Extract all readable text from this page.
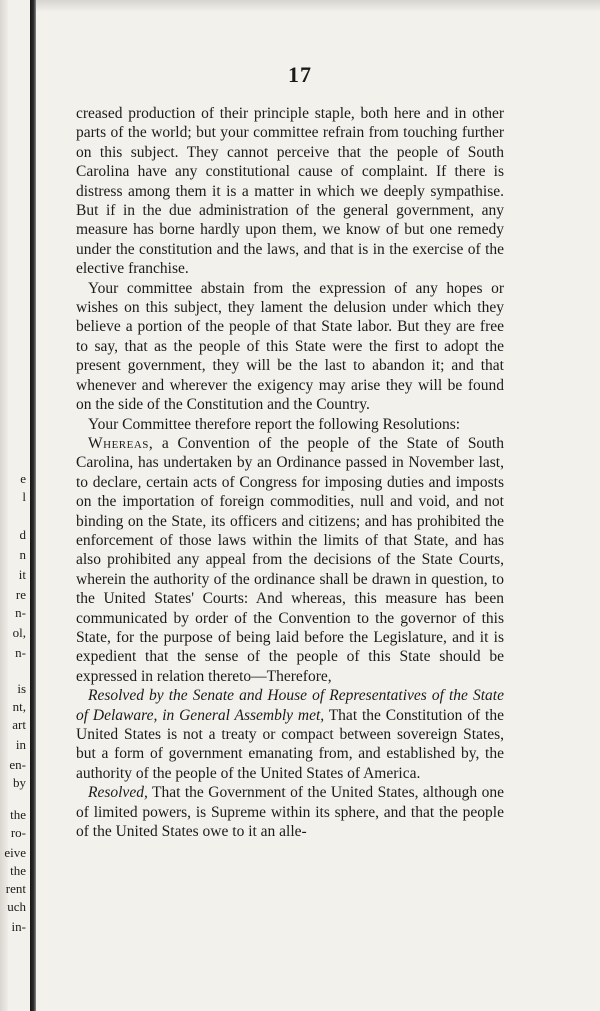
e
l
d
n
it
re
n-
ol,
n-
is
nt,
art
in
en-
by
the
ro-
eive
the
rent
uch
in-
17

creased production of their principle staple, both here and in other parts of the world; but your committee refrain from touching further on this subject. They cannot perceive that the people of South Carolina have any constitutional cause of complaint. If there is distress among them it is a matter in which we deeply sympathise. But if in the due administration of the general government, any measure has borne hardly upon them, we know of but one remedy under the constitution and the laws, and that is in the exercise of the elective franchise.

Your committee abstain from the expression of any hopes or wishes on this subject, they lament the delusion under which they believe a portion of the people of that State labor. But they are free to say, that as the people of this State were the first to adopt the present government, they will be the last to abandon it; and that whenever and wherever the exigency may arise they will be found on the side of the Constitution and the Country.

Your Committee therefore report the following Resolutions:

Whereas, a Convention of the people of the State of South Carolina, has undertaken by an Ordinance passed in November last, to declare, certain acts of Congress for imposing duties and imposts on the importation of foreign commodities, null and void, and not binding on the State, its officers and citizens; and has prohibited the enforcement of those laws within the limits of that State, and has also prohibited any appeal from the decisions of the State Courts, wherein the authority of the ordinance shall be drawn in question, to the United States' Courts: And whereas, this measure has been communicated by order of the Convention to the governor of this State, for the purpose of being laid before the Legislature, and it is expedient that the sense of the people of this State should be expressed in relation thereto—Therefore,

Resolved by the Senate and House of Representatives of the State of Delaware, in General Assembly met, That the Constitution of the United States is not a treaty or compact between sovereign States, but a form of government emanating from, and established by, the authority of the people of the United States of America.

Resolved, That the Government of the United States, although one of limited powers, is Supreme within its sphere, and that the people of the United States owe to it an alle-
